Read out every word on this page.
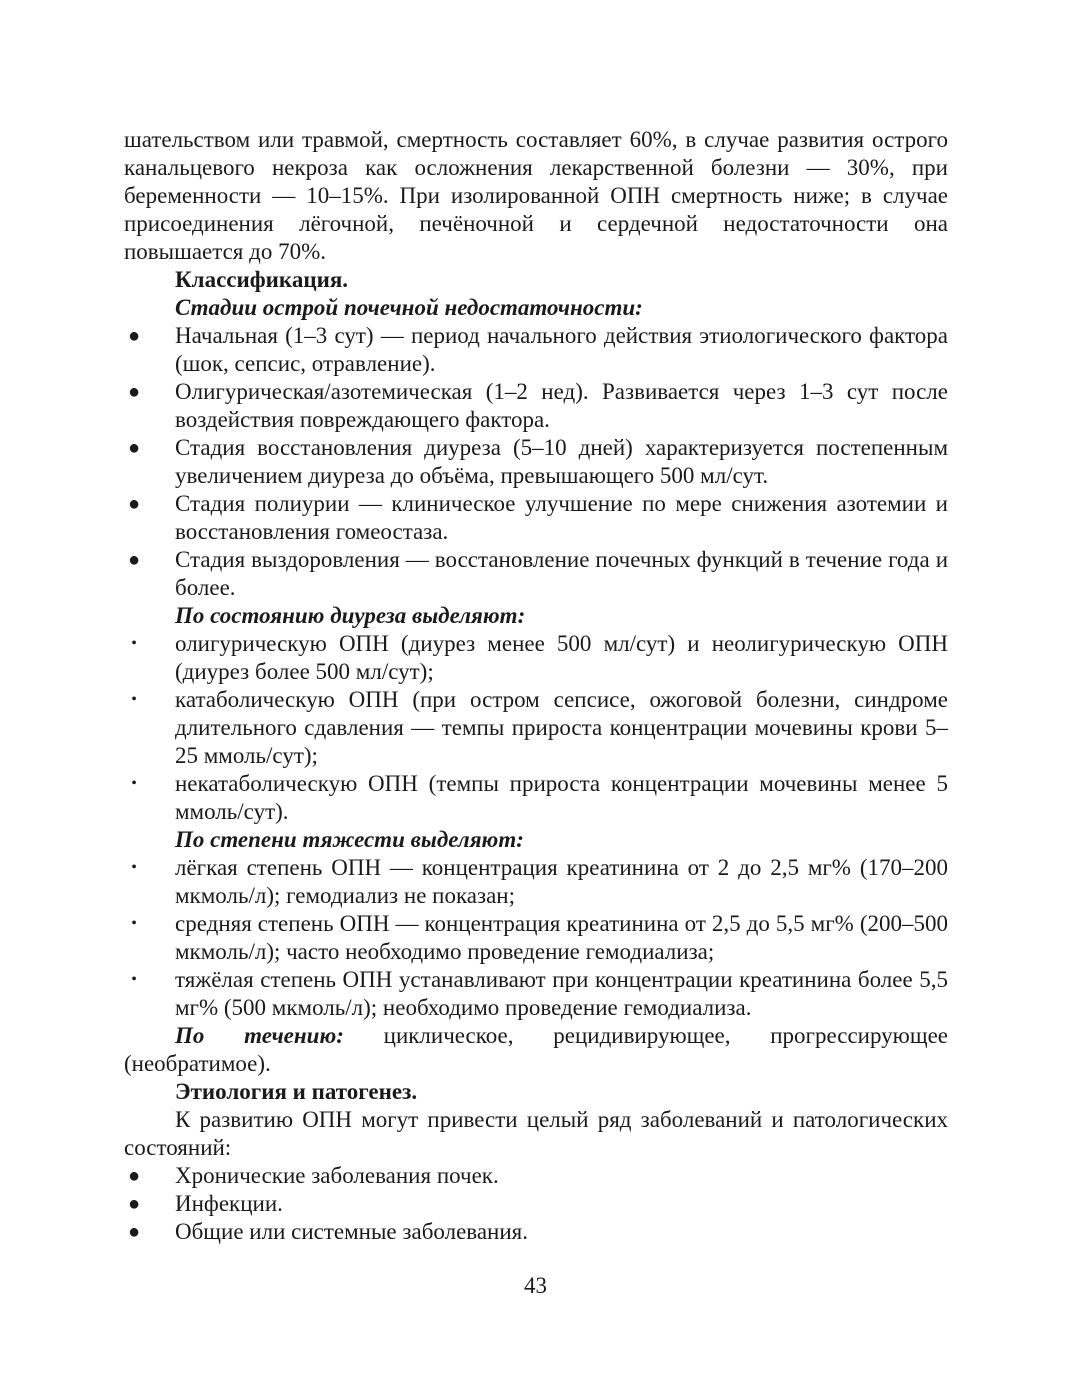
шательством или травмой, смертность составляет 60%, в случае развития острого канальцевого некроза как осложнения лекарственной болезни — 30%, при беременности — 10–15%. При изолированной ОПН смертность ниже; в случае присоединения лёгочной, печёночной и сердечной недостаточности она повышается до 70%.

Классификация.

Стадии острой почечной недостаточности:

● Начальная (1–3 сут) — период начального действия этиологического фактора (шок, сепсис, отравление).
● Олигурическая/азотемическая (1–2 нед). Развивается через 1–3 сут после воздействия повреждающего фактора.
● Стадия восстановления диуреза (5–10 дней) характеризуется постепенным увеличением диуреза до объёма, превышающего 500 мл/сут.
● Стадия полиурии — клиническое улучшение по мере снижения азотемии и восстановления гомеостаза.
● Стадия выздоровления — восстановление почечных функций в течение года и более.

По состоянию диуреза выделяют:

•	олигурическую ОПН (диурез менее 500 мл/сут) и неолигурическую ОПН (диурез более 500 мл/сут);
•	катаболическую ОПН (при остром сепсисе, ожоговой болезни, синдроме длительного сдавления — темпы прироста концентрации мочевины крови 5–25 ммоль/сут);
•	некатаболическую ОПН (темпы прироста концентрации мочевины менее 5 ммоль/сут).

По степени тяжести выделяют:

•	лёгкая степень ОПН — концентрация креатинина от 2 до 2,5 мг% (170–200 мкмоль/л); гемодиализ не показан;
•	средняя степень ОПН — концентрация креатинина от 2,5 до 5,5 мг% (200–500 мкмоль/л); часто необходимо проведение гемодиализа;
•	тяжёлая степень ОПН устанавливают при концентрации креатинина более 5,5 мг% (500 мкмоль/л); необходимо проведение гемодиализа.

По течению: циклическое, рецидивирующее, прогрессирующее (необратимое).

Этиология и патогенез.

К развитию ОПН могут привести целый ряд заболеваний и патологических состояний:

● Хронические заболевания почек.
● Инфекции.
● Общие или системные заболевания.
43
